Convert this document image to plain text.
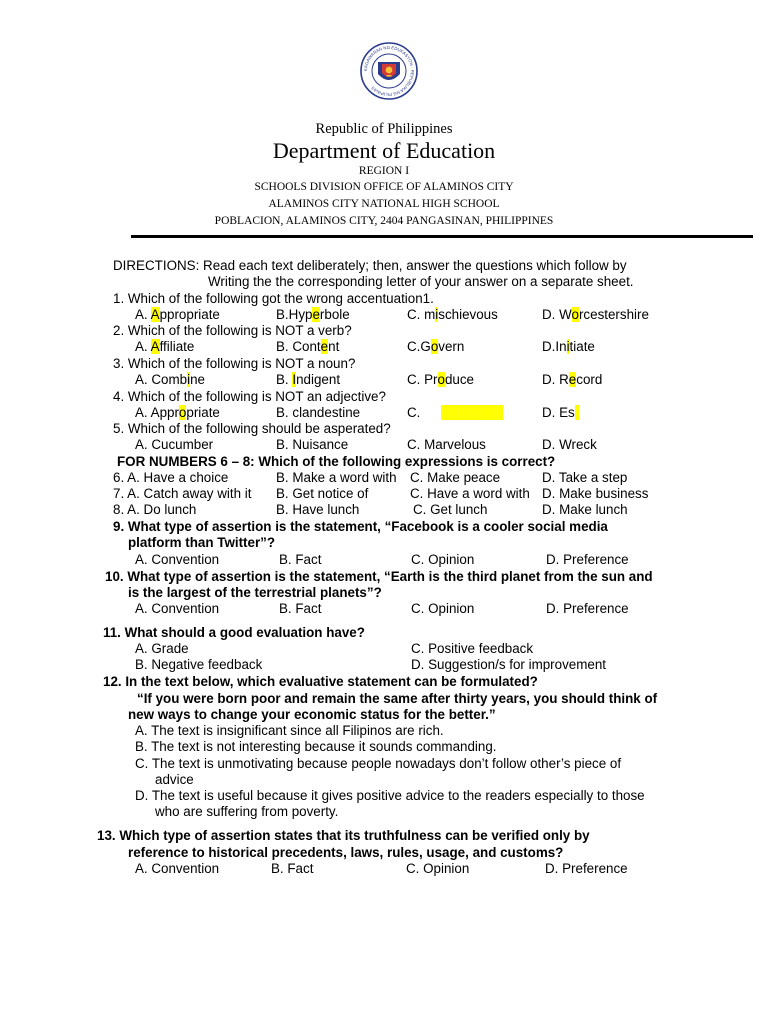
KAGAWARAN NG EDUKASYON · REPUBLIKA NG PILIPINAS
Republic of Philippines
Department of Education
REGION I
SCHOOLS DIVISION OFFICE OF ALAMINOS CITY
ALAMINOS CITY NATIONAL HIGH SCHOOL
POBLACION, ALAMINOS CITY, 2404 PANGASINAN, PHILIPPINES
DIRECTIONS: Read each text deliberately; then, answer the questions which follow by
Writing the the corresponding letter of your answer on a separate sheet.
1. Which of the following got the wrong accentuation1.
A. Appropriate	B.Hyperbole	C. mischievous	D. Worcestershire
2. Which of the following is NOT a verb?
A. Affiliate	B. Content	C.Govern	D.Initiate
3. Which of the following is NOT a noun?
A. Combine	B. Indigent	C. Produce	D. Record
4. Which of the following is NOT an adjective?
A. Appropriate	B. clandestine	C. alloused	D. Es-
5. Which of the following should be asperated?
A. Cucumber	B. Nuisance	C. Marvelous	D. Wreck
FOR NUMBERS 6 – 8: Which of the following expressions is correct?
6. A. Have a choice	B. Make a word with C. Make peace	D. Take a step
7. A. Catch away with it B. Get notice of	C. Have a word with D. Make business
8. A. Do lunch	B. Have lunch	C. Get lunch	D. Make lunch
9. What type of assertion is the statement, “Facebook is a cooler social media
platform than Twitter”?
A. Convention	B. Fact	C. Opinion	D. Preference
10. What type of assertion is the statement, “Earth is the third planet from the sun and
is the largest of the terrestrial planets”?
A. Convention	B. Fact	C. Opinion	D. Preference
11. What should a good evaluation have?
A. Grade	C. Positive feedback
B. Negative feedback	D. Suggestion/s for improvement
12. In the text below, which evaluative statement can be formulated?
“If you were born poor and remain the same after thirty years, you should think of
new ways to change your economic status for the better.”
A. The text is insignificant since all Filipinos are rich.
B. The text is not interesting because it sounds commanding.
C. The text is unmotivating because people nowadays don’t follow other’s piece of
advice
D. The text is useful because it gives positive advice to the readers especially to those
who are suffering from poverty.
13. Which type of assertion states that its truthfulness can be verified only by
reference to historical precedents, laws, rules, usage, and customs?
A. Convention	B. Fact	C. Opinion	D. Preference
